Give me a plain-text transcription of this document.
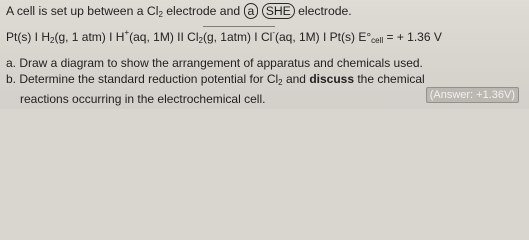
A cell is set up between a $Cl_2$ electrode and a SHE electrode.
Pt(s) I $H_2(g$, 1 atm) I H+(aq, 1M) II $Cl_2(g$, 1atm) I Cl-(aq, 1M) I Pt(s) $E^\circ_{cell}$ = + 1.36 V
a. Draw a diagram to show the arrangement of apparatus and chemicals used.
b. Determine the standard reduction potential for $Cl_2$ and discuss the chemical
reactions occurring in the electrochemical cell.	(Answer: +1.36V)
